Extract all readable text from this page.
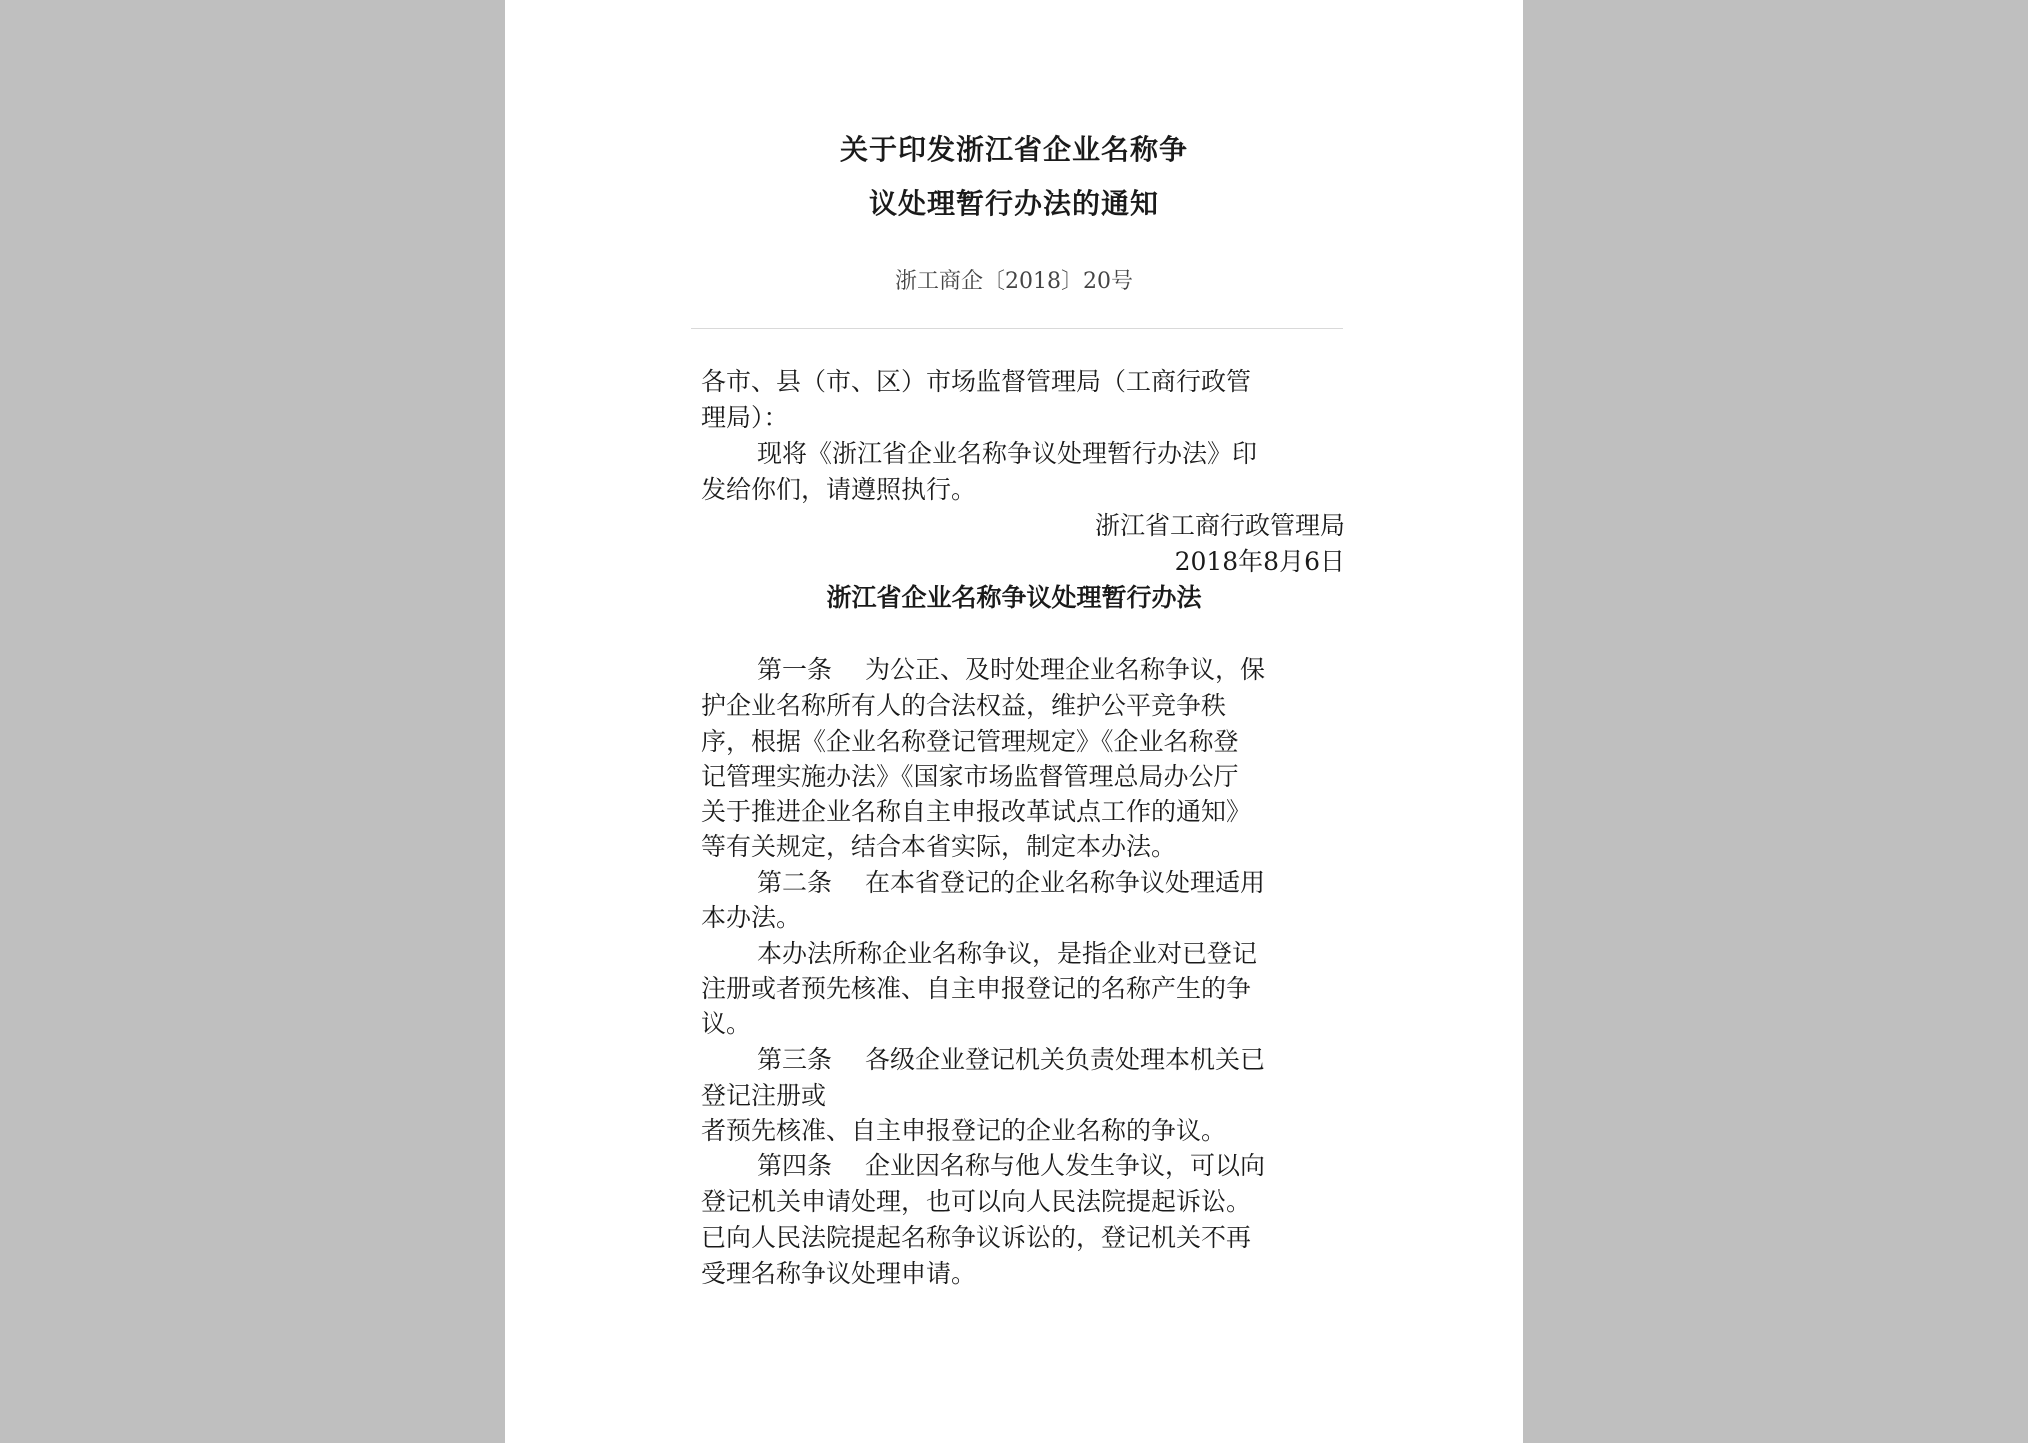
关于印发浙江省企业名称争
议处理暂行办法的通知
浙工商企〔2018〕20号
各市、县（市、区）市场监督管理局（工商行政管
理局）：
现将《浙江省企业名称争议处理暂行办法》印
发给你们，请遵照执行。
浙江省工商行政管理局
2018年8月6日
浙江省企业名称争议处理暂行办法
第一条　 为公正、及时处理企业名称争议，保
护企业名称所有人的合法权益，维护公平竞争秩
序，根据《企业名称登记管理规定》《企业名称登
记管理实施办法》《国家市场监督管理总局办公厅
关于推进企业名称自主申报改革试点工作的通知》
等有关规定，结合本省实际，制定本办法。
第二条　 在本省登记的企业名称争议处理适用
本办法。
本办法所称企业名称争议，是指企业对已登记
注册或者预先核准、自主申报登记的名称产生的争
议。
第三条　 各级企业登记机关负责处理本机关已
登记注册或
者预先核准、自主申报登记的企业名称的争议。
第四条　 企业因名称与他人发生争议，可以向
登记机关申请处理，也可以向人民法院提起诉讼。
已向人民法院提起名称争议诉讼的，登记机关不再
受理名称争议处理申请。
